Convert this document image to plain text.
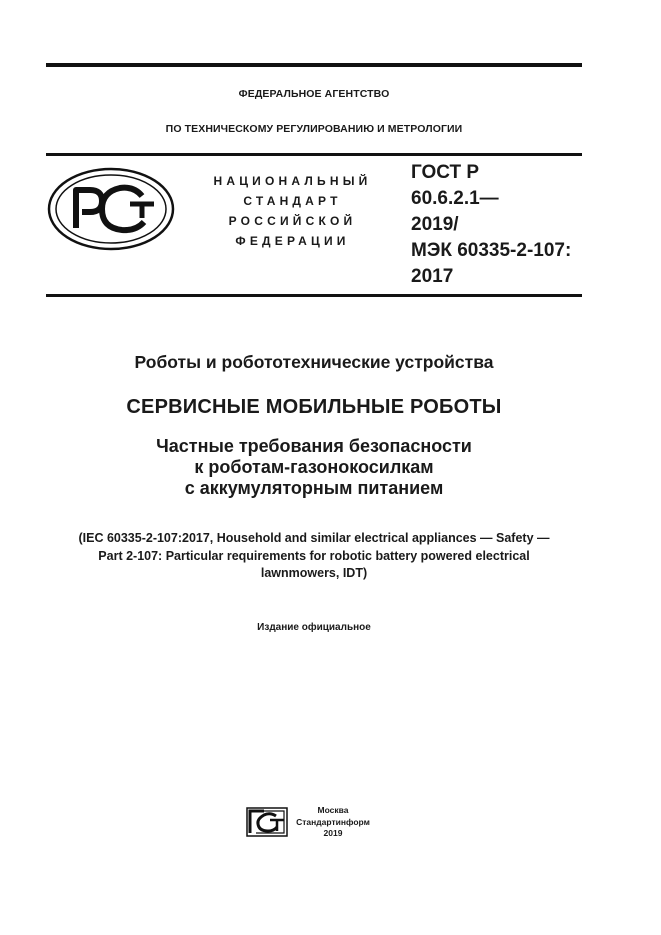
ФЕДЕРАЛЬНОЕ АГЕНТСТВО
ПО ТЕХНИЧЕСКОМУ РЕГУЛИРОВАНИЮ И МЕТРОЛОГИИ
НАЦИОНАЛЬНЫЙ
СТАНДАРТ
РОССИЙСКОЙ
ФЕДЕРАЦИИ
ГОСТ Р
60.6.2.1—
2019/
МЭК 60335-2-107:
2017
Роботы и робототехнические устройства
СЕРВИСНЫЕ МОБИЛЬНЫЕ РОБОТЫ
Частные требования безопасности
к роботам-газонокосилкам
с аккумуляторным питанием
(IEC 60335-2-107:2017, Household and similar electrical appliances — Safety —
Part 2-107: Particular requirements for robotic battery powered electrical
lawnmowers, IDT)
Издание официальное
Москва
Стандартинформ
2019
